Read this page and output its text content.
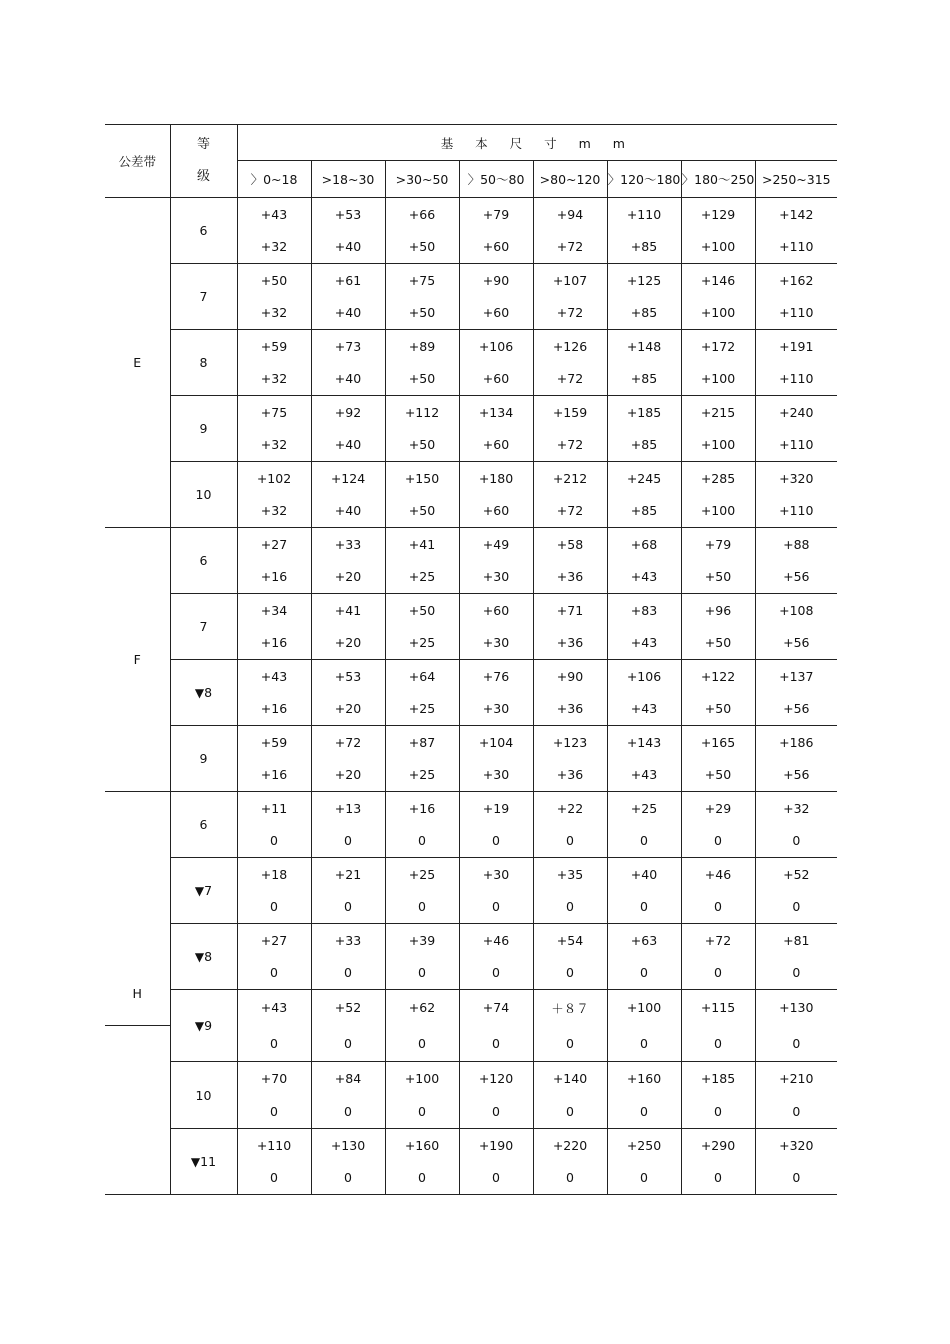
公差带	等
级	基 本 尺 寸 m m							
		〉0~18	>18~30	>30~50	〉50～80	>80~120	〉120～180	〉180～250	>250~315
E	6	+43	+53	+66	+79	+94	+110	+129	+142
		+32	+40	+50	+60	+72	+85	+100	+110
	7	+50	+61	+75	+90	+107	+125	+146	+162
		+32	+40	+50	+60	+72	+85	+100	+110
	8	+59	+73	+89	+106	+126	+148	+172	+191
		+32	+40	+50	+60	+72	+85	+100	+110
	9	+75	+92	+112	+134	+159	+185	+215	+240
		+32	+40	+50	+60	+72	+85	+100	+110
	10	+102	+124	+150	+180	+212	+245	+285	+320
		+32	+40	+50	+60	+72	+85	+100	+110
F	6	+27	+33	+41	+49	+58	+68	+79	+88
		+16	+20	+25	+30	+36	+43	+50	+56
	7	+34	+41	+50	+60	+71	+83	+96	+108
		+16	+20	+25	+30	+36	+43	+50	+56
	▼8	+43	+53	+64	+76	+90	+106	+122	+137
		+16	+20	+25	+30	+36	+43	+50	+56
	9	+59	+72	+87	+104	+123	+143	+165	+186
		+16	+20	+25	+30	+36	+43	+50	+56
H	6	+11	+13	+16	+19	+22	+25	+29	+32
		0	0	0	0	0	0	0	0
	▼7	+18	+21	+25	+30	+35	+40	+46	+52
		0	0	0	0	0	0	0	0
	▼8	+27	+33	+39	+46	+54	+63	+72	+81
		0	0	0	0	0	0	0	0
	▼9	+43	+52	+62	+74	＋８７	+100	+115	+130
		0	0	0	0	0	0	0	0
	10	+70	+84	+100	+120	+140	+160	+185	+210
		0	0	0	0	0	0	0	0
	▼11	+110	+130	+160	+190	+220	+250	+290	+320
		0	0	0	0	0	0	0	0
